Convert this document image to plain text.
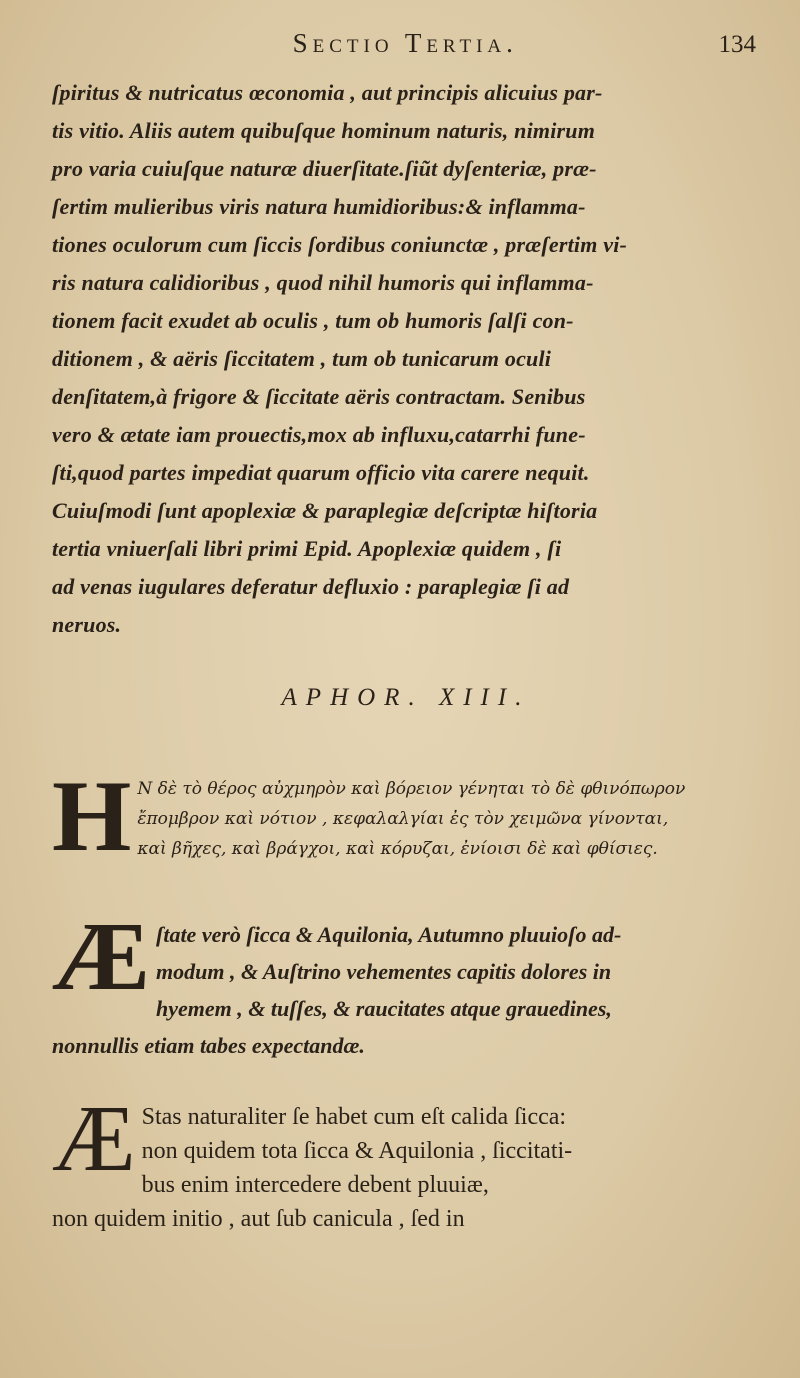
Sectio Tertia.	134
ſpiritus & nutricatus œconomia , aut principis alicuius par-
tis vitio. Aliis autem quibuſque hominum naturis, nimirum
pro varia cuiuſque naturæ diuerſitate.ſiũt dyſenteriæ, præ-
ſertim mulieribus viris natura humidioribus:& inflamma-
tiones oculorum cum ſiccis ſordibus coniunctæ , præſertim vi-
ris natura calidioribus , quod nihil humoris qui inflamma-
tionem facit exudet ab oculis , tum ob humoris ſalſi con-
ditionem , & aëris ſiccitatem , tum ob tunicarum oculi
denſitatem,à frigore & ſiccitate aëris contractam. Senibus
vero & ætate iam prouectis,mox ab influxu,catarrhi fune-
ſti,quod partes impediat quarum officio vita carere nequit.
Cuiuſmodi ſunt apoplexiæ & paraplegiæ deſcriptæ hiſtoria
tertia vniuerſali libri primi Epid. Apoplexiæ quidem , ſi
ad venas iugulares deferatur defluxio : paraplegiæ ſi ad
neruos.
APHOR. XIII.
H Ν δὲ τὸ θέρος αὐχμηρὸν καὶ βόρειον γένηται τὸ δὲ φθινόπωρον
ἔπομβρον καὶ νότιον , κεφαλαλγίαι ἐς τὸν χειμῶνα γίνονται,
καὶ βῆχες, καὶ βράγχοι, καὶ κόρυζαι, ἐνίοισι δὲ καὶ φθίσιες.
Æ ſtate verò ſicca & Aquilonia, Autumno pluuioſo ad-
modum , & Auſtrino vehementes capitis dolores in
hyemem , & tuſſes, & raucitates atque grauedines,
nonnullis etiam tabes expectandæ.
Æ Stas naturaliter ſe habet cum eſt calida ſicca:
non quidem tota ſicca & Aquilonia , ſiccitati-
bus enim intercedere debent pluuiæ,
non quidem initio , aut ſub canicula , ſed in
